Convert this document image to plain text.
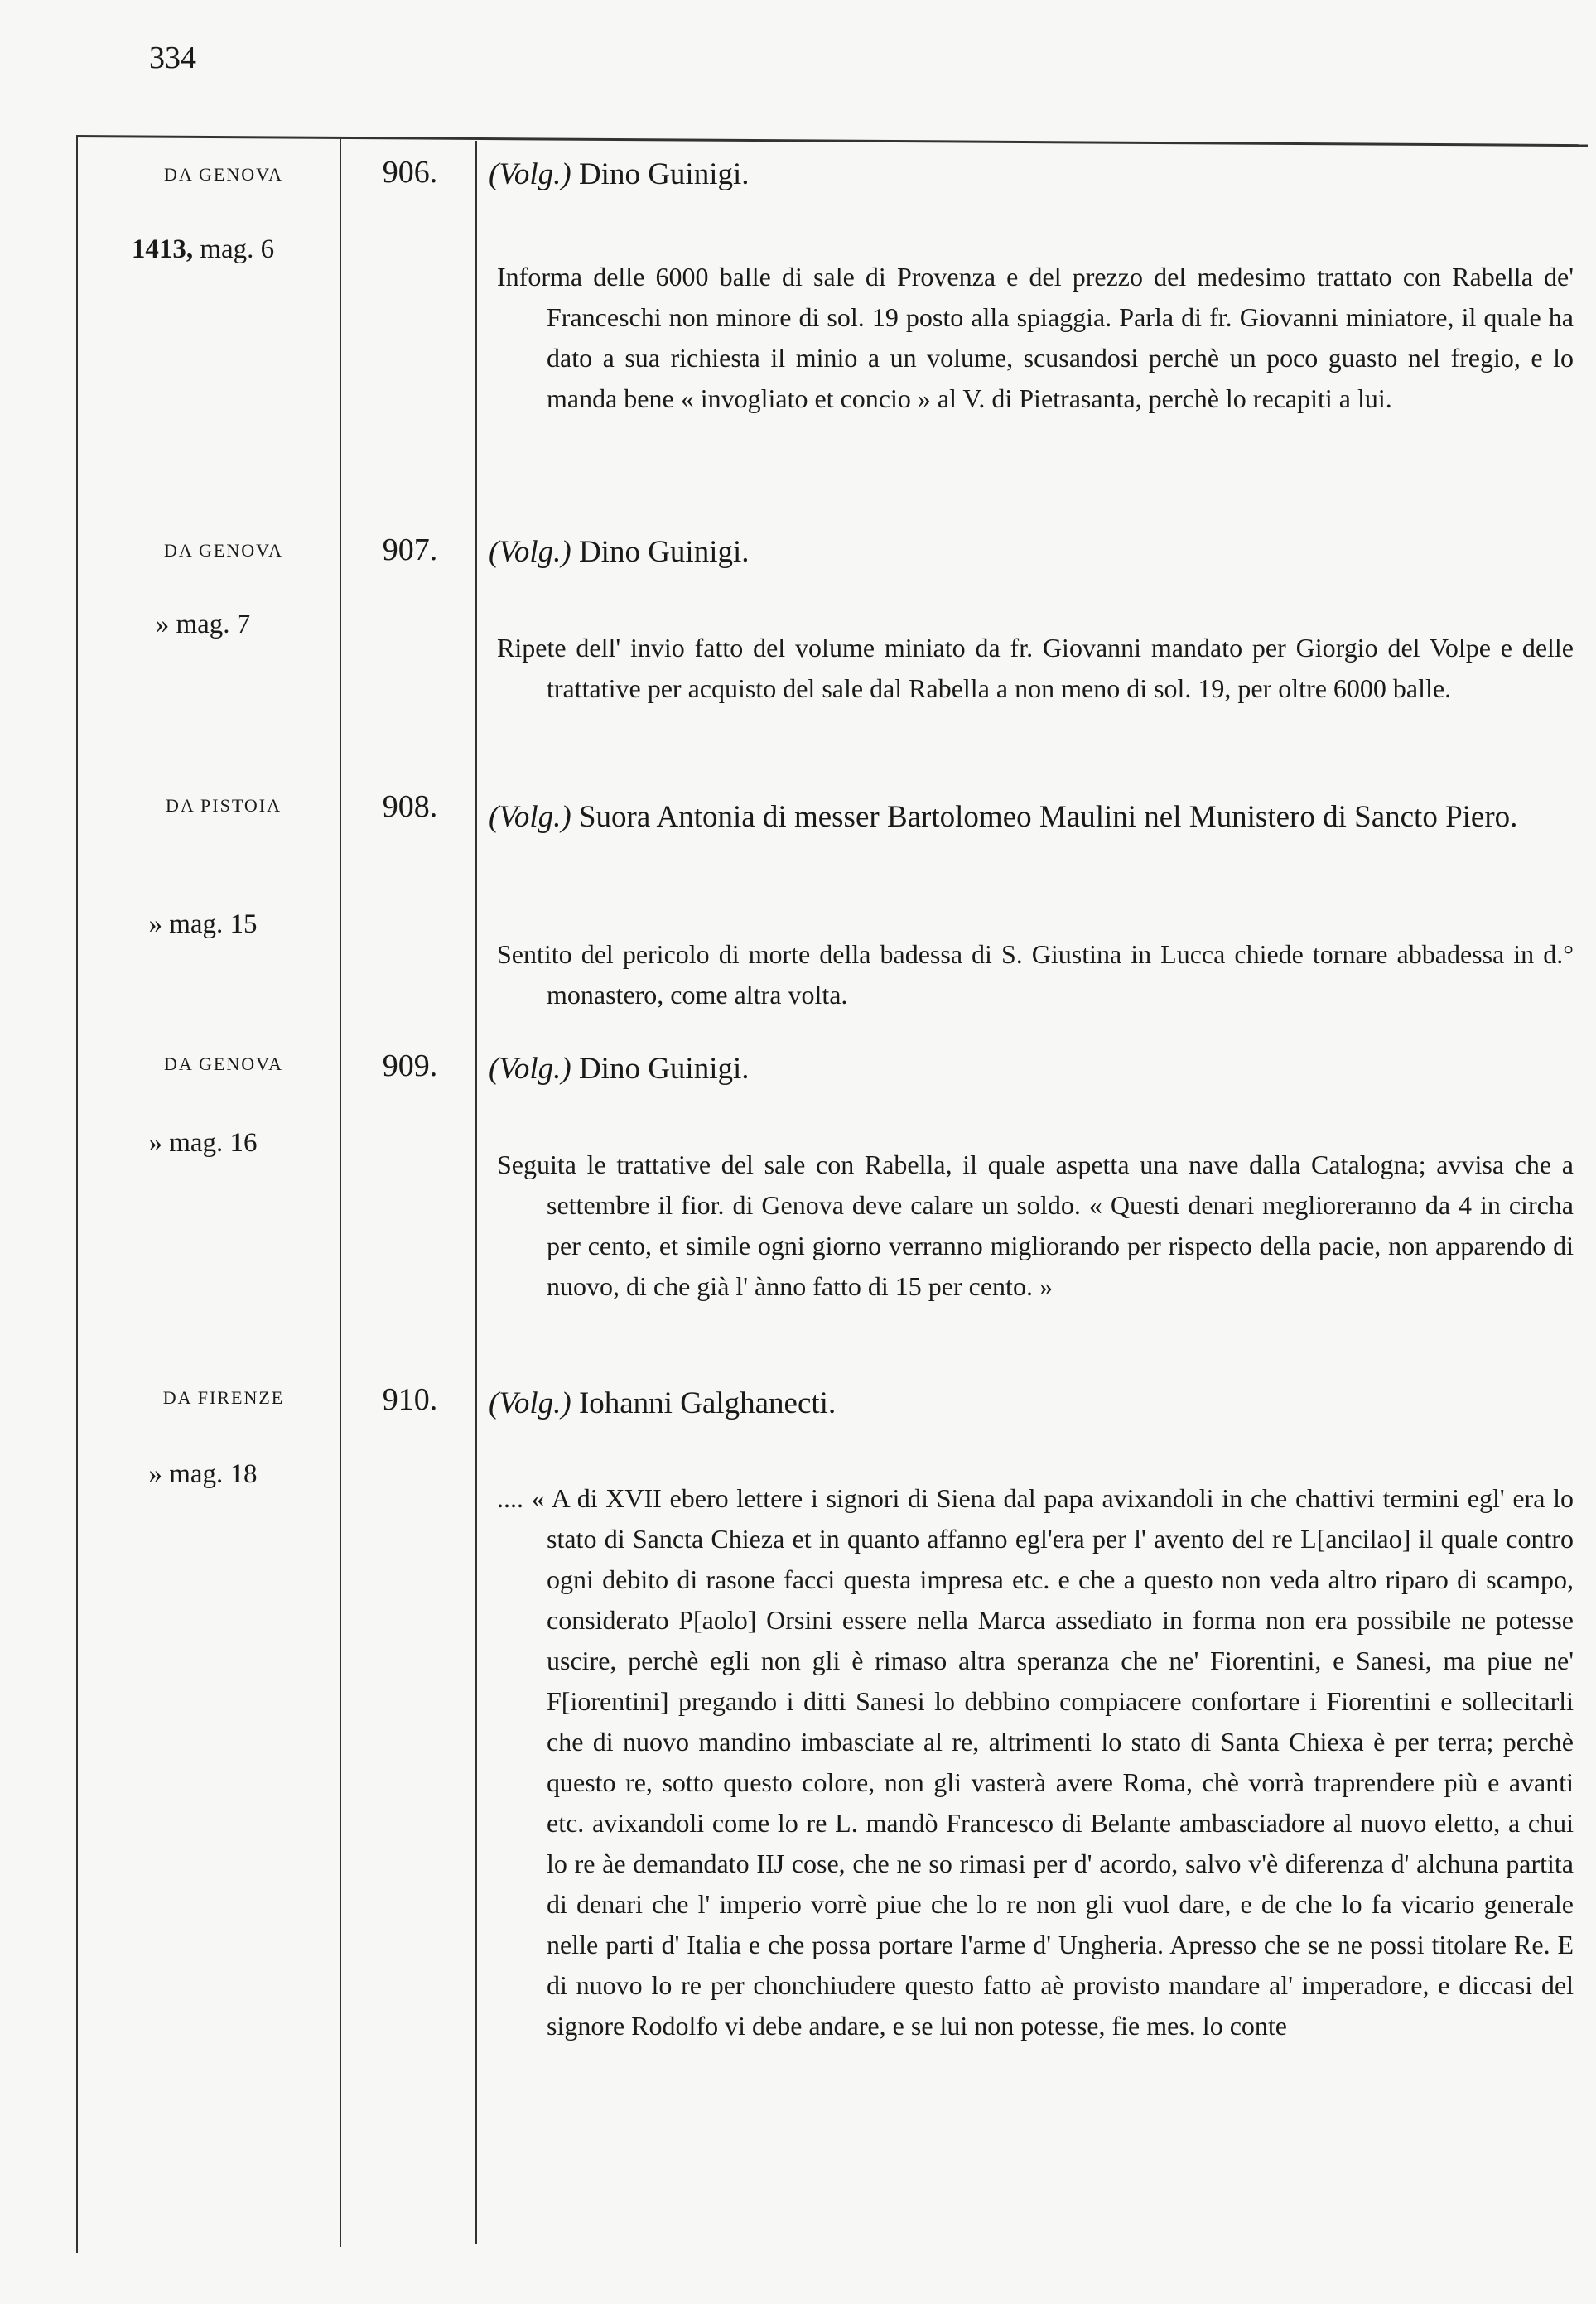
334
DA GENOVA
1413, mag. 6
906.	(Volg.) Dino Guinigi.
Informa delle 6000 balle di sale di Provenza e del prezzo del medesimo trattato con Rabella de' Franceschi non minore di sol. 19 posto alla spiaggia. Parla di fr. Giovanni miniatore, il quale ha dato a sua richiesta il minio a un volume, scusandosi perchè un poco guasto nel fregio, e lo manda bene « invogliato et concio » al V. di Pietrasanta, perchè lo recapiti a lui.
DA GENOVA
» mag. 7
907.	(Volg.) Dino Guinigi.
Ripete dell' invio fatto del volume miniato da fr. Giovanni mandato per Giorgio del Volpe e delle trattative per acquisto del sale dal Rabella a non meno di sol. 19, per oltre 6000 balle.
DA PISTOIA
» mag. 15
908.	(Volg.) Suora Antonia di messer Bartolomeo Maulini nel Munistero di Sancto Piero.
Sentito del pericolo di morte della badessa di S. Giustina in Lucca chiede tornare abbadessa in d.° monastero, come altra volta.
DA GENOVA
» mag. 16
909.	(Volg.) Dino Guinigi.
Seguita le trattative del sale con Rabella, il quale aspetta una nave dalla Catalogna; avvisa che a settembre il fior. di Genova deve calare un soldo. « Questi denari meglioreranno da 4 in circha per cento, et simile ogni giorno verranno migliorando per rispecto della pacie, non apparendo di nuovo, di che già l' ànno fatto di 15 per cento. »
DA FIRENZE
» mag. 18
910.	(Volg.) Iohanni Galghanecti.
.... « A di XVII ebero lettere i signori di Siena dal papa avixandoli in che chattivi termini egl' era lo stato di Sancta Chieza et in quanto affanno egl'era per l' avento del re L[ancilao] il quale contro ogni debito di rasone facci questa impresa etc. e che a questo non veda altro riparo di scampo, considerato P[aolo] Orsini essere nella Marca assediato in forma non era possibile ne potesse uscire, perchè egli non gli è rimaso altra speranza che ne' Fiorentini, e Sanesi, ma piue ne' F[iorentini] pregando i ditti Sanesi lo debbino compiacere confortare i Fiorentini e sollecitarli che di nuovo mandino imbasciate al re, altrimenti lo stato di Santa Chiexa è per terra; perchè questo re, sotto questo colore, non gli vasterà avere Roma, chè vorrà traprendere più e avanti etc. avixandoli come lo re L. mandò Francesco di Belante ambasciadore al nuovo eletto, a chui lo re àe demandato IIJ cose, che ne so rimasi per d' acordo, salvo v'è diferenza d' alchuna partita di denari che l' imperio vorrè piue che lo re non gli vuol dare, e de che lo fa vicario generale nelle parti d' Italia e che possa portare l'arme d' Ungheria. Apresso che se ne possi titolare Re. E di nuovo lo re per chonchiudere questo fatto aè provisto mandare al' imperadore, e diccasi del signore Rodolfo vi debe andare, e se lui non potesse, fie mes. lo conte
